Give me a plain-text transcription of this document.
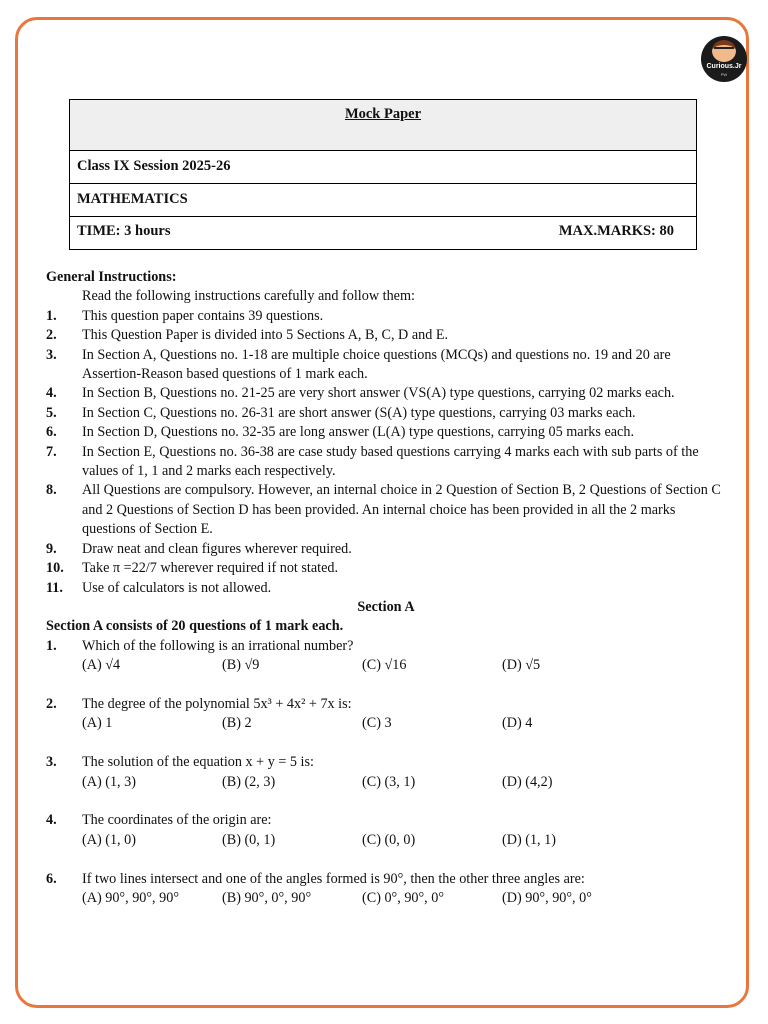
Curious.Jr
PW
Mock Paper
Class IX Session 2025-26
MATHEMATICS
TIME: 3 hours	MAX.MARKS: 80
General Instructions:
Read the following instructions carefully and follow them:
1.	This question paper contains 39 questions.
2.	This Question Paper is divided into 5 Sections A, B, C, D and E.
3.	In Section A, Questions no. 1-18 are multiple choice questions (MCQs) and questions no. 19 and 20 are Assertion-Reason based questions of 1 mark each.
4.	In Section B, Questions no. 21-25 are very short answer (VS(A) type questions, carrying 02 marks each.
5.	In Section C, Questions no. 26-31 are short answer (S(A) type questions, carrying 03 marks each.
6.	In Section D, Questions no. 32-35 are long answer (L(A) type questions, carrying 05 marks each.
7.	In Section E, Questions no. 36-38 are case study based questions carrying 4 marks each with sub parts of the values of 1, 1 and 2 marks each respectively.
8.	All Questions are compulsory. However, an internal choice in 2 Question of Section B, 2 Questions of Section C and 2 Questions of Section D has been provided. An internal choice has been provided in all the 2 marks questions of Section E.
9.	Draw neat and clean figures wherever required.
10.	Take π =22/7 wherever required if not stated.
11.	Use of calculators is not allowed.
Section A
Section A consists of 20 questions of 1 mark each.
1.	Which of the following is an irrational number?
(A) √4	(B) √9	(C) √16	(D) √5
2.	The degree of the polynomial 5x³ + 4x² + 7x is:
(A) 1	(B) 2	(C) 3	(D) 4
3.	The solution of the equation x + y = 5 is:
(A) (1, 3)	(B) (2, 3)	(C) (3, 1)	(D) (4,2)
4.	The coordinates of the origin are:
(A) (1, 0)	(B) (0, 1)	(C) (0, 0)	(D) (1, 1)
6.	If two lines intersect and one of the angles formed is 90°, then the other three angles are:
(A) 90°, 90°, 90°	(B) 90°, 0°, 90°	(C) 0°, 90°, 0°	(D) 90°, 90°, 0°
